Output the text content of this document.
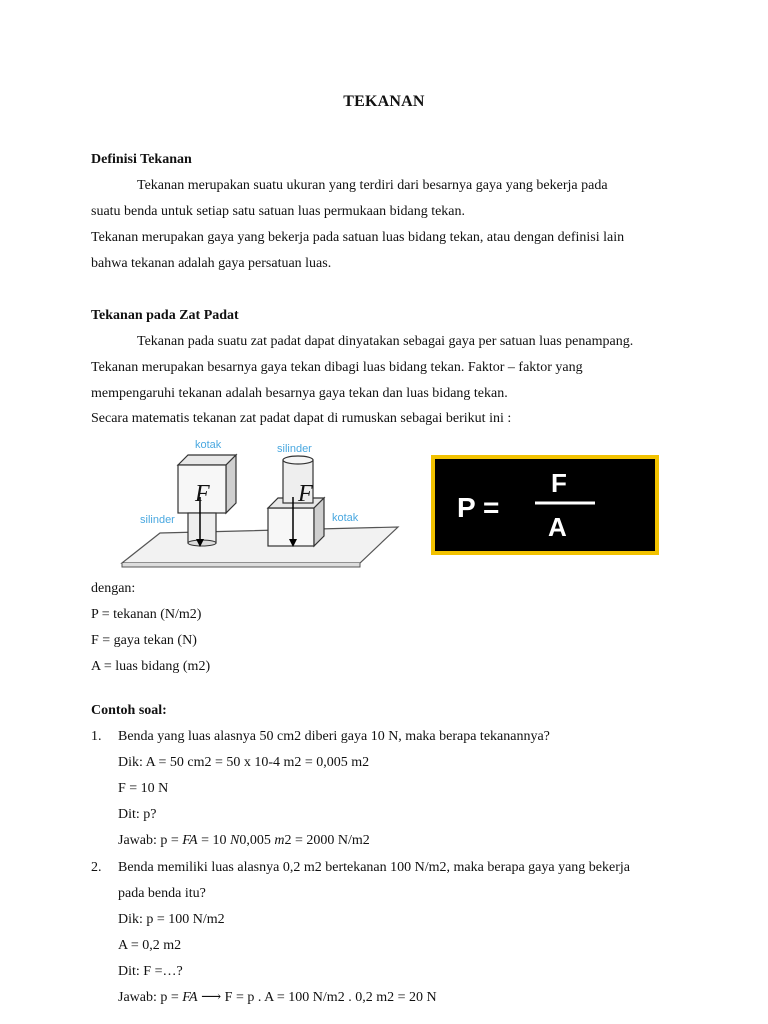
TEKANAN
Definisi Tekanan
Tekanan merupakan suatu ukuran yang terdiri dari besarnya gaya yang bekerja pada
suatu benda untuk setiap satu satuan luas permukaan bidang tekan.
Tekanan merupakan gaya yang bekerja pada satuan luas bidang tekan, atau dengan definisi lain
bahwa tekanan adalah gaya persatuan luas.
Tekanan pada Zat Padat
Tekanan pada suatu zat padat dapat dinyatakan sebagai gaya per satuan luas penampang.
Tekanan merupakan besarnya gaya tekan dibagi luas bidang tekan. Faktor – faktor yang
mempengaruhi tekanan adalah besarnya gaya tekan dan luas bidang tekan.
Secara matematis tekanan zat padat dapat di rumuskan sebagai berikut ini :
F	F
kotak	silinder
silinder	kotak	P =
F
A
dengan:
P = tekanan (N/m2)
F = gaya tekan (N)
A = luas bidang (m2)
Contoh soal:
1. Benda yang luas alasnya 50 cm2 diberi gaya 10 N, maka berapa tekanannya?
Dik: A = 50 cm2 = 50 x 10-4 m2 = 0,005 m2
F = 10 N
Dit: p?
Jawab: p = FA = 10 N0,005 m2 = 2000 N/m2
2. Benda memiliki luas alasnya 0,2 m2 bertekanan 100 N/m2, maka berapa gaya yang bekerja
pada benda itu?
Dik: p = 100 N/m2
A = 0,2 m2
Dit: F =…?
Jawab: p = FA ⟶ F = p . A = 100 N/m2 . 0,2 m2 = 20 N
